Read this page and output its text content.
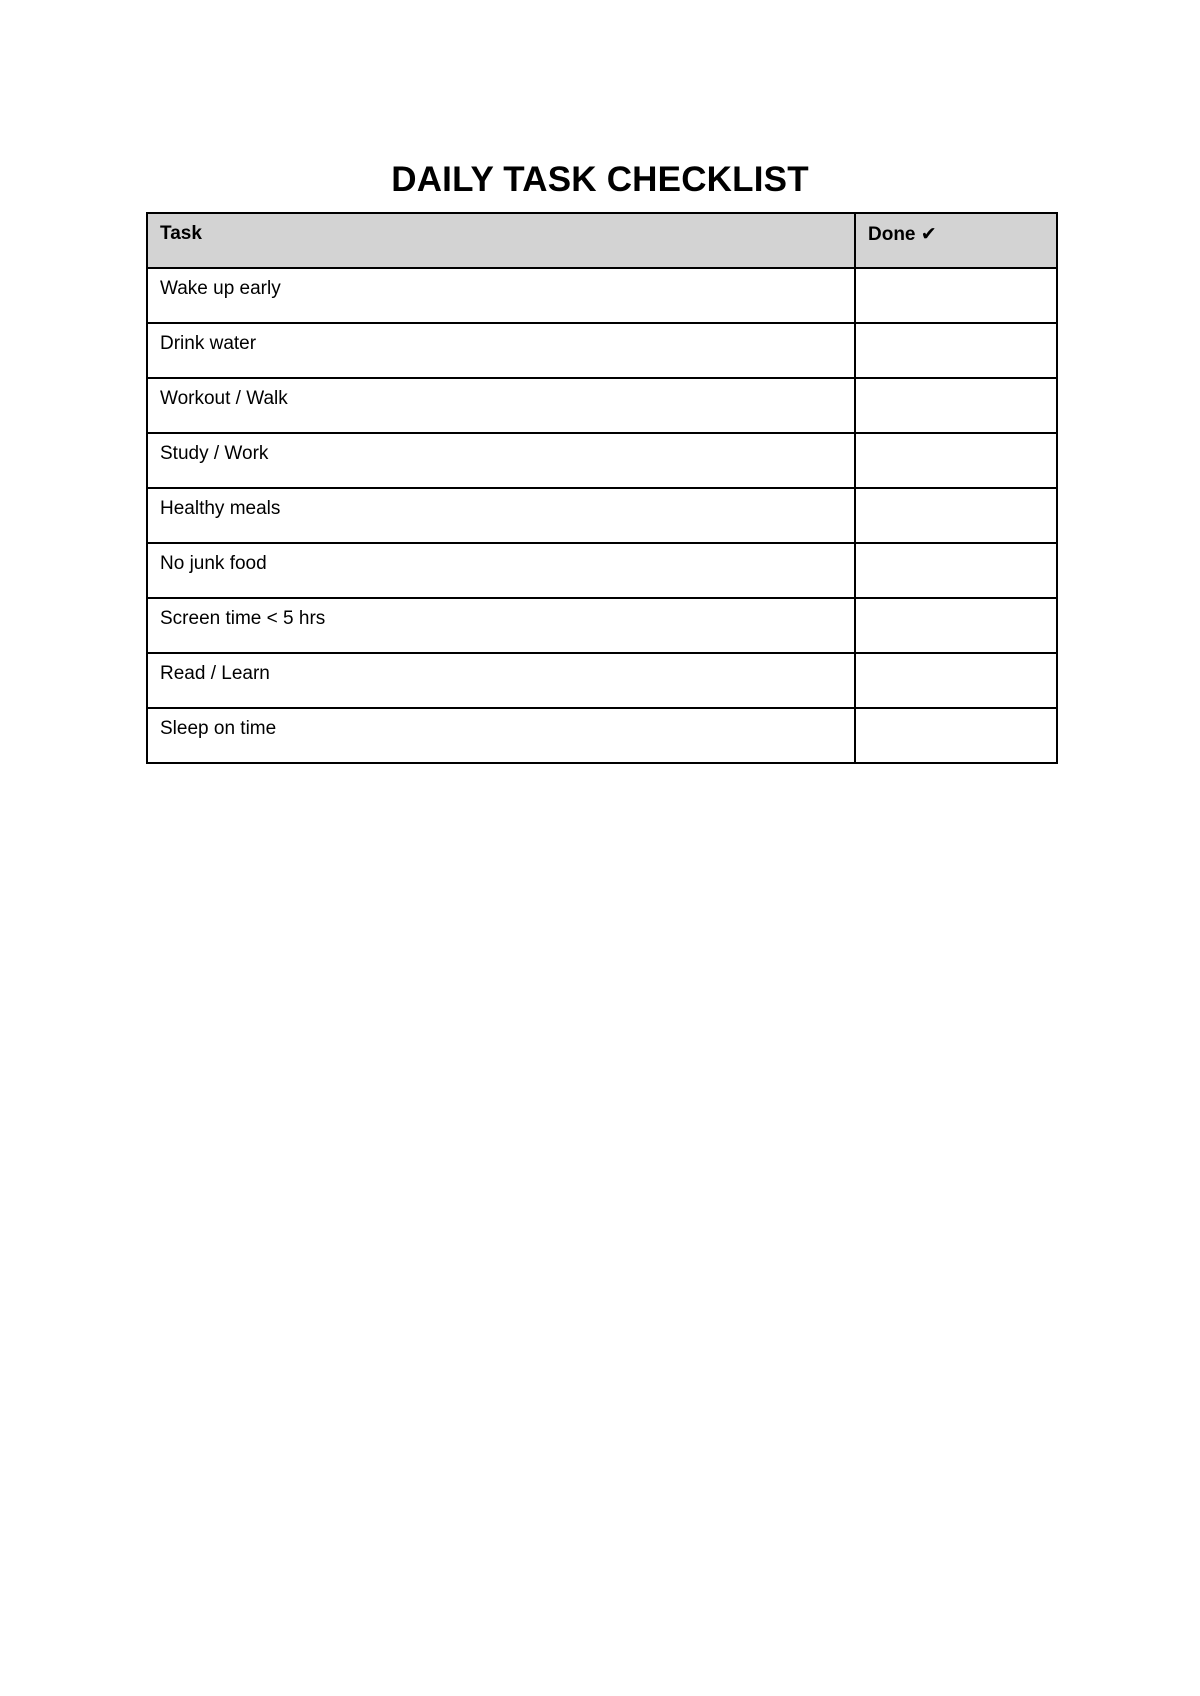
DAILY TASK CHECKLIST
Task	Done ✔
Wake up early	
Drink water	
Workout / Walk	
Study / Work	
Healthy meals	
No junk food	
Screen time < 5 hrs	
Read / Learn	
Sleep on time	
